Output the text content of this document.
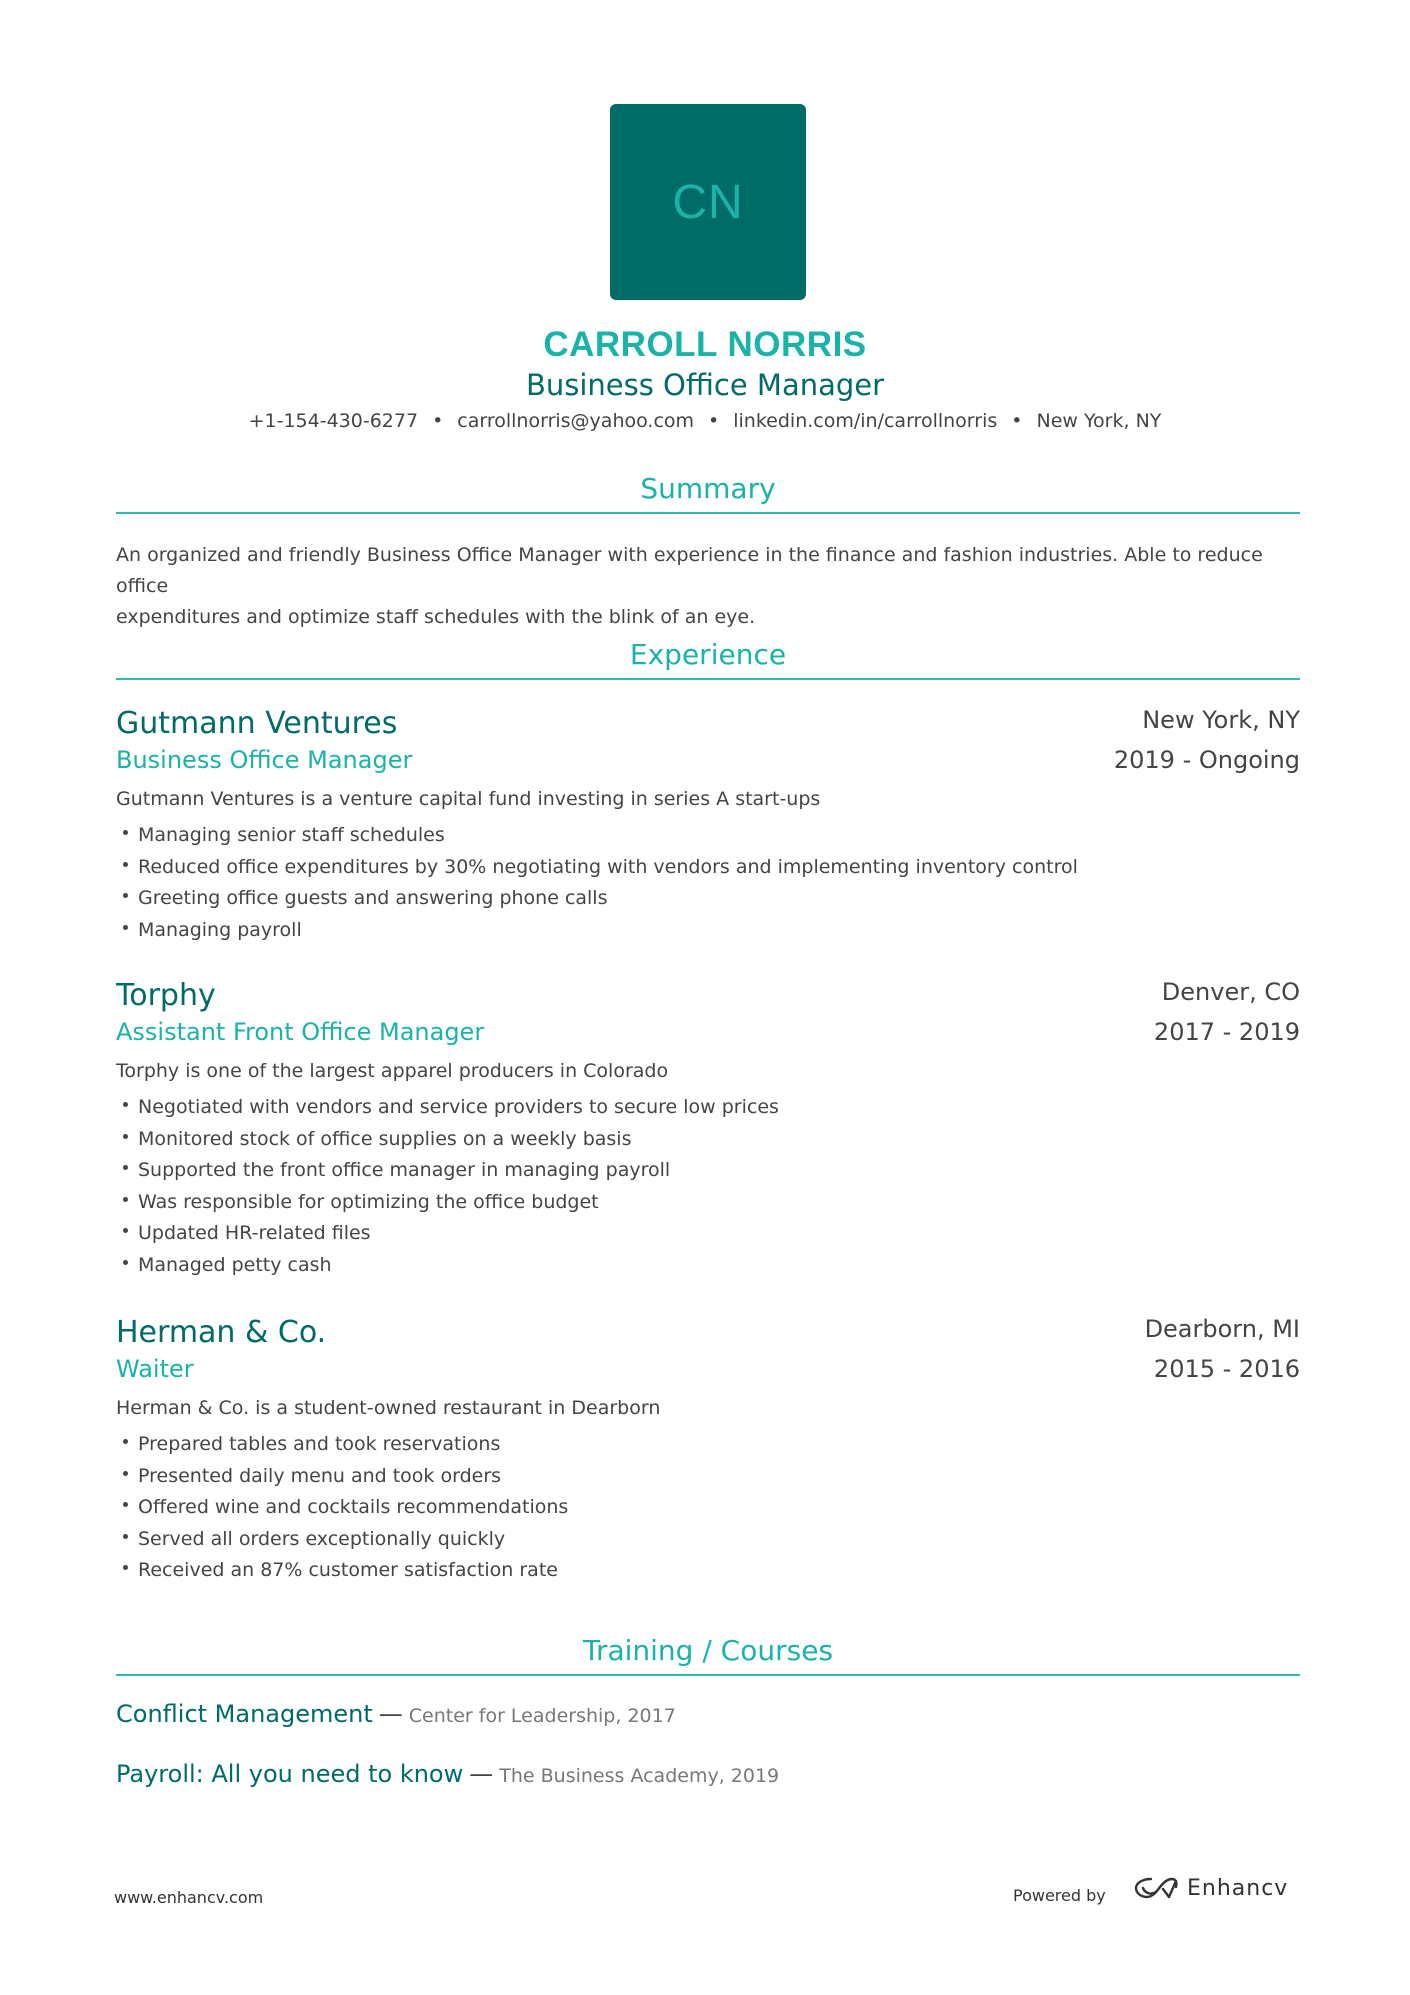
CN
CARROLL NORRIS
Business Office Manager
+1-154-430-6277 • carrollnorris@yahoo.com • linkedin.com/in/carrollnorris • New York, NY
Summary
An organized and friendly Business Office Manager with experience in the finance and fashion industries. Able to reduce office
expenditures and optimize staff schedules with the blink of an eye.
Experience
Gutmann Ventures	New York, NY
Business Office Manager	2019 - Ongoing
Gutmann Ventures is a venture capital fund investing in series A start-ups
Managing senior staff schedules
Reduced office expenditures by 30% negotiating with vendors and implementing inventory control
Greeting office guests and answering phone calls
Managing payroll
Torphy	Denver, CO
Assistant Front Office Manager	2017 - 2019
Torphy is one of the largest apparel producers in Colorado
Negotiated with vendors and service providers to secure low prices
Monitored stock of office supplies on a weekly basis
Supported the front office manager in managing payroll
Was responsible for optimizing the office budget
Updated HR-related files
Managed petty cash
Herman & Co.	Dearborn, MI
Waiter	2015 - 2016
Herman & Co. is a student-owned restaurant in Dearborn
Prepared tables and took reservations
Presented daily menu and took orders
Offered wine and cocktails recommendations
Served all orders exceptionally quickly
Received an 87% customer satisfaction rate
Training / Courses
Conflict Management — Center for Leadership, 2017
Payroll: All you need to know — The Business Academy, 2019
www.enhancv.com	Powered by	Enhancv
